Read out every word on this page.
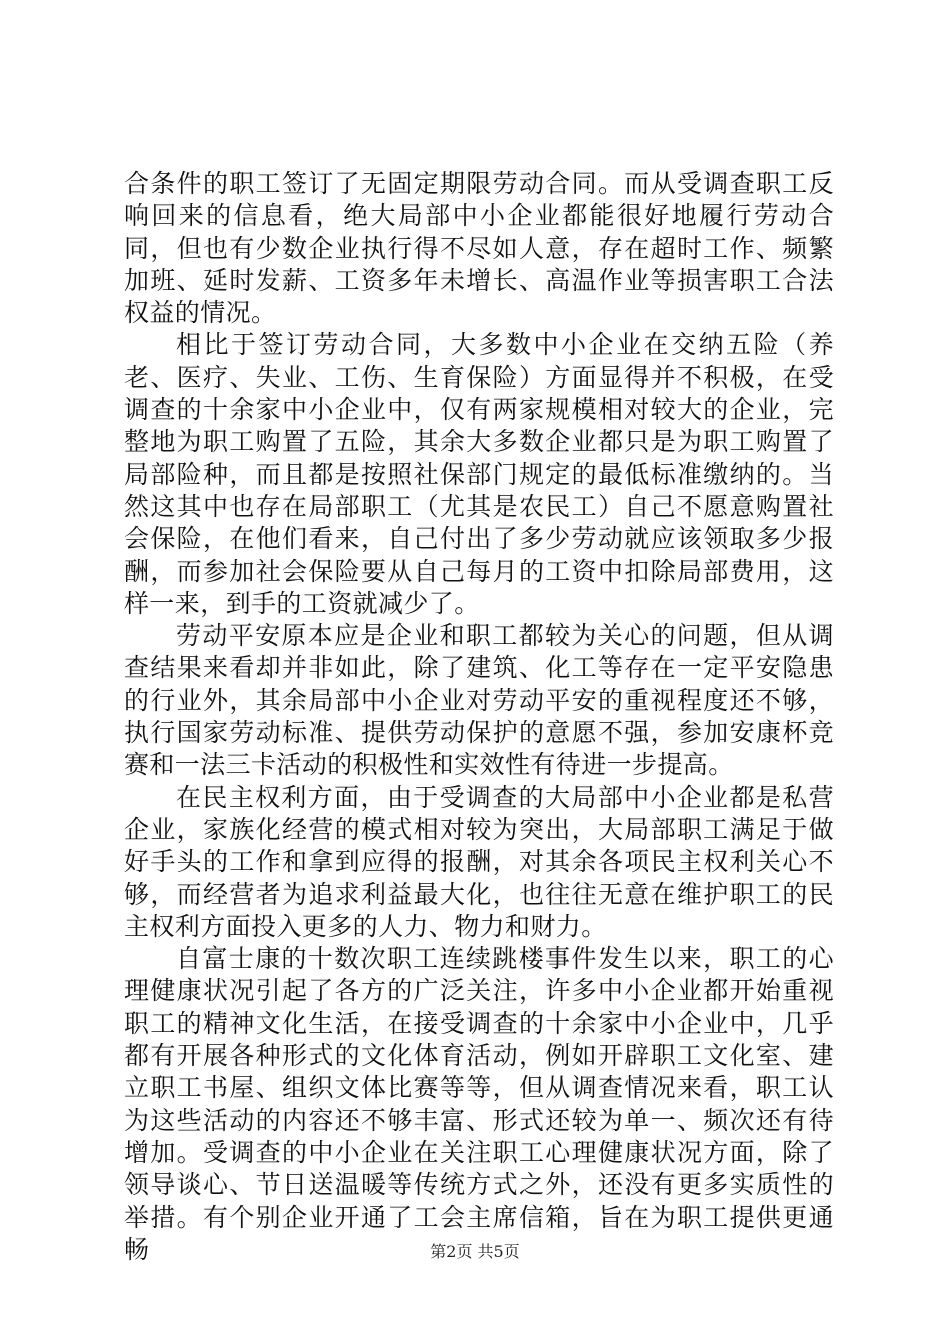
合条件的职工签订了无固定期限劳动合同。而从受调查职工反响回来的信息看，绝大局部中小企业都能很好地履行劳动合同，但也有少数企业执行得不尽如人意，存在超时工作、频繁加班、延时发薪、工资多年未增长、高温作业等损害职工合法权益的情况。

相比于签订劳动合同，大多数中小企业在交纳五险（养老、医疗、失业、工伤、生育保险）方面显得并不积极，在受调查的十余家中小企业中，仅有两家规模相对较大的企业，完整地为职工购置了五险，其余大多数企业都只是为职工购置了局部险种，而且都是按照社保部门规定的最低标准缴纳的。当然这其中也存在局部职工（尤其是农民工）自己不愿意购置社会保险，在他们看来，自己付出了多少劳动就应该领取多少报酬，而参加社会保险要从自己每月的工资中扣除局部费用，这样一来，到手的工资就减少了。

劳动平安原本应是企业和职工都较为关心的问题，但从调查结果来看却并非如此，除了建筑、化工等存在一定平安隐患的行业外，其余局部中小企业对劳动平安的重视程度还不够，执行国家劳动标准、提供劳动保护的意愿不强，参加安康杯竞赛和一法三卡活动的积极性和实效性有待进一步提高。

在民主权利方面，由于受调查的大局部中小企业都是私营企业，家族化经营的模式相对较为突出，大局部职工满足于做好手头的工作和拿到应得的报酬，对其余各项民主权利关心不够，而经营者为追求利益最大化，也往往无意在维护职工的民主权利方面投入更多的人力、物力和财力。

自富士康的十数次职工连续跳楼事件发生以来，职工的心理健康状况引起了各方的广泛关注，许多中小企业都开始重视职工的精神文化生活，在接受调查的十余家中小企业中，几乎都有开展各种形式的文化体育活动，例如开辟职工文化室、建立职工书屋、组织文体比赛等等，但从调查情况来看，职工认为这些活动的内容还不够丰富、形式还较为单一、频次还有待增加。受调查的中小企业在关注职工心理健康状况方面，除了领导谈心、节日送温暖等传统方式之外，还没有更多实质性的举措。有个别企业开通了工会主席信箱，旨在为职工提供更通畅	第2页 共5页
